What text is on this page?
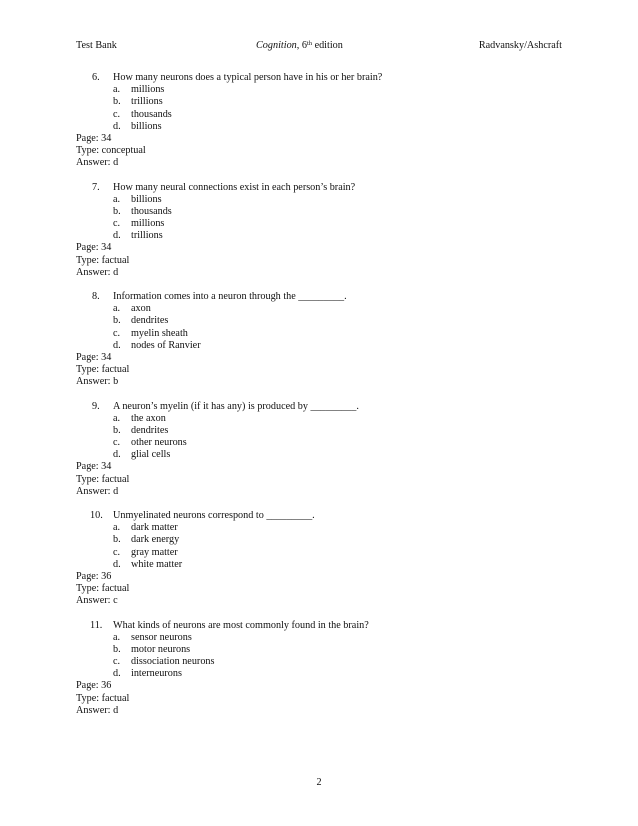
Test Bank	Cognition, 6th edition	Radvansky/Ashcraft
6.	How many neurons does a typical person have in his or her brain?
a. millions
b. trillions
c. thousands
d. billions
Page: 34
Type: conceptual
Answer: d
7.	How many neural connections exist in each person’s brain?
a. billions
b. thousands
c. millions
d. trillions
Page: 34
Type: factual
Answer: d
8.	Information comes into a neuron through the _________.
a. axon
b. dendrites
c. myelin sheath
d. nodes of Ranvier
Page: 34
Type: factual
Answer: b
9.	A neuron’s myelin (if it has any) is produced by _________.
a. the axon
b. dendrites
c. other neurons
d. glial cells
Page: 34
Type: factual
Answer: d
10.	Unmyelinated neurons correspond to _________.
a. dark matter
b. dark energy
c. gray matter
d. white matter
Page: 36
Type: factual
Answer: c
11.	What kinds of neurons are most commonly found in the brain?
a. sensor neurons
b. motor neurons
c. dissociation neurons
d. interneurons
Page: 36
Type: factual
Answer: d
2
